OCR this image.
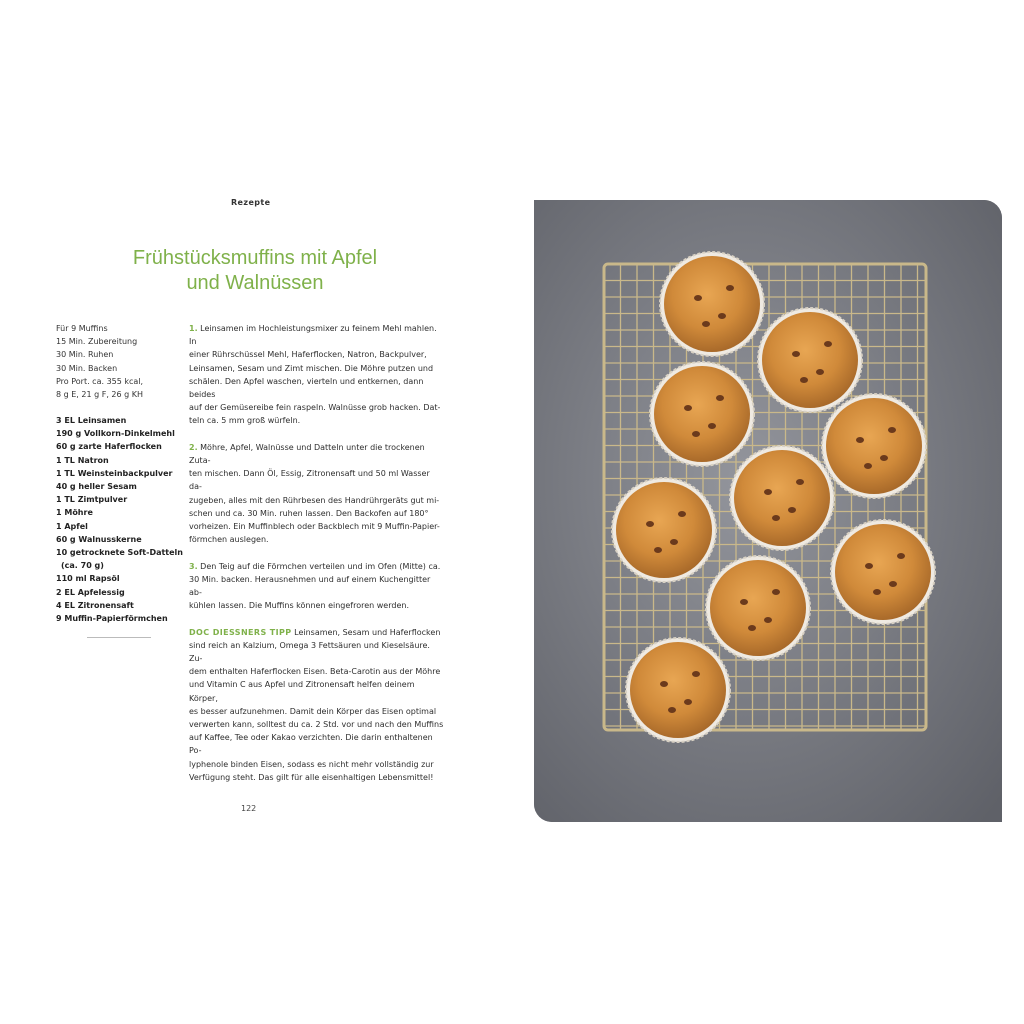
Rezepte
Frühstücksmuffins mit Apfel
und Walnüssen
Für 9 Muffins
15 Min. Zubereitung
30 Min. Ruhen
30 Min. Backen
Pro Port. ca. 355 kcal,
8 g E, 21 g F, 26 g KH
3 EL Leinsamen
190 g Vollkorn-Dinkelmehl
60 g zarte Haferflocken
1 TL Natron
1 TL Weinsteinbackpulver
40 g heller Sesam
1 TL Zimtpulver
1 Möhre
1 Apfel
60 g Walnusskerne
10 getrocknete Soft-Datteln
(ca. 70 g)
110 ml Rapsöl
2 EL Apfelessig
4 EL Zitronensaft
9 Muffin-Papierförmchen

1. Leinsamen im Hochleistungsmixer zu feinem Mehl mahlen. In
einer Rührschüssel Mehl, Haferflocken, Natron, Backpulver,
Leinsamen, Sesam und Zimt mischen. Die Möhre putzen und
schälen. Den Apfel waschen, vierteln und entkernen, dann beides
auf der Gemüsereibe fein raspeln. Walnüsse grob hacken. Dat-
teln ca. 5 mm groß würfeln.

2. Möhre, Apfel, Walnüsse und Datteln unter die trockenen Zuta-
ten mischen. Dann Öl, Essig, Zitronensaft und 50 ml Wasser da-
zugeben, alles mit den Rührbesen des Handrührgeräts gut mi-
schen und ca. 30 Min. ruhen lassen. Den Backofen auf 180°
vorheizen. Ein Muffinblech oder Backblech mit 9 Muffin-Papier-
förmchen auslegen.

3. Den Teig auf die Förmchen verteilen und im Ofen (Mitte) ca.
30 Min. backen. Herausnehmen und auf einem Kuchengitter ab-
kühlen lassen. Die Muffins können eingefroren werden.

DOC DIESSNERS TIPP Leinsamen, Sesam und Haferflocken
sind reich an Kalzium, Omega 3 Fettsäuren und Kieselsäure. Zu-
dem enthalten Haferflocken Eisen. Beta-Carotin aus der Möhre
und Vitamin C aus Apfel und Zitronensaft helfen deinem Körper,
es besser aufzunehmen. Damit dein Körper das Eisen optimal
verwerten kann, solltest du ca. 2 Std. vor und nach den Muffins
auf Kaffee, Tee oder Kakao verzichten. Die darin enthaltenen Po-
lyphenole binden Eisen, sodass es nicht mehr vollständig zur
Verfügung steht. Das gilt für alle eisenhaltigen Lebensmittel!

122
